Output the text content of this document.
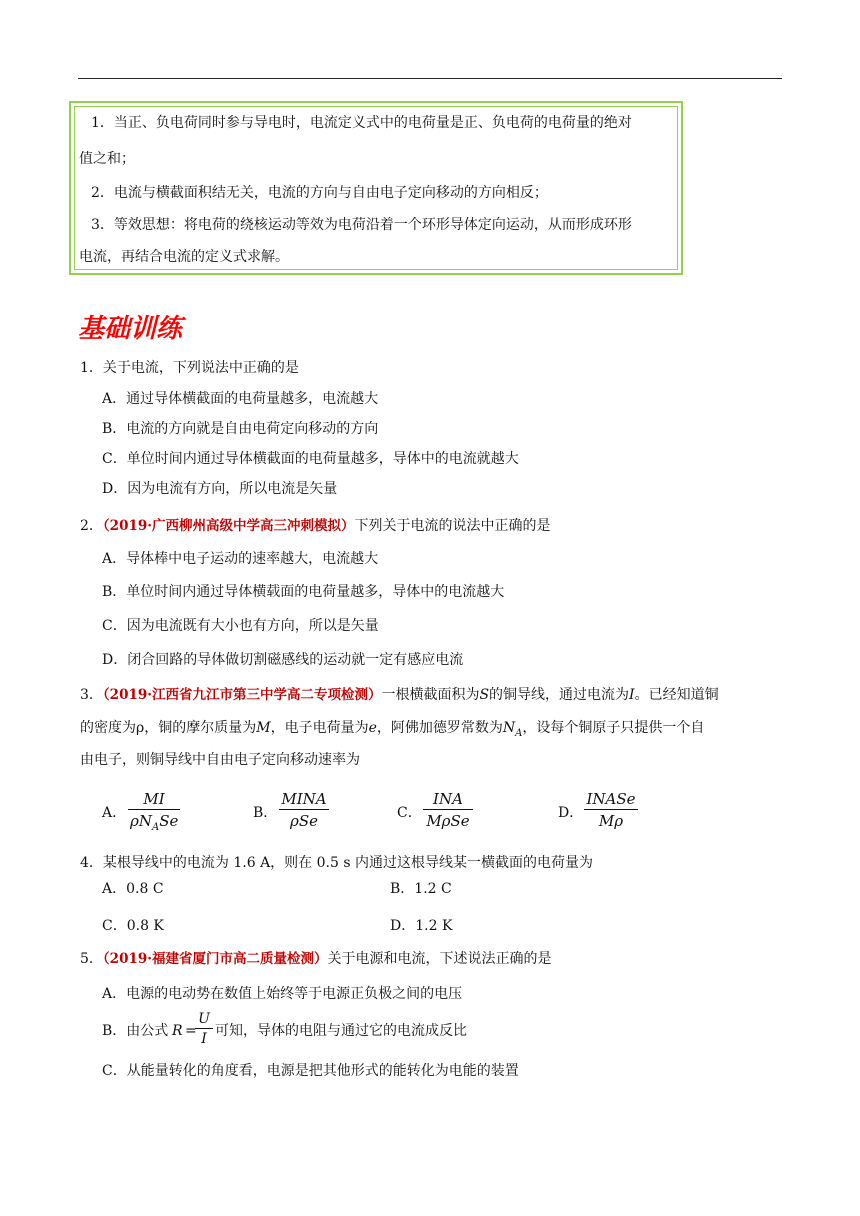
1．当正、负电荷同时参与导电时，电流定义式中的电荷量是正、负电荷的电荷量的绝对
值之和；
2．电流与横截面积结无关，电流的方向与自由电子定向移动的方向相反；
3．等效思想：将电荷的绕核运动等效为电荷沿着一个环形导体定向运动，从而形成环形
电流，再结合电流的定义式求解。
基础训练
1．关于电流，下列说法中正确的是
A．通过导体横截面的电荷量越多，电流越大
B．电流的方向就是自由电荷定向移动的方向
C．单位时间内通过导体横截面的电荷量越多，导体中的电流就越大
D．因为电流有方向，所以电流是矢量
2．（2019·广西柳州高级中学高三冲刺模拟）下列关于电流的说法中正确的是
A．导体棒中电子运动的速率越大，电流越大
B．单位时间内通过导体横载面的电荷量越多，导体中的电流越大
C．因为电流既有大小也有方向，所以是矢量
D．闭合回路的导体做切割磁感线的运动就一定有感应电流
3．（2019·江西省九江市第三中学高二专项检测）一根横截面积为S的铜导线，通过电流为I。已经知道铜
的密度为ρ，铜的摩尔质量为M，电子电荷量为e，阿佛加德罗常数为$N_A$，设每个铜原子只提供一个自
由电子，则铜导线中自由电子定向移动速率为
A．
MI
$\rho N_ASe$	B．
MINA
ρSe	C．
INA
MρSe	D．
INASe
Mρ
4．某根导线中的电流为 1.6 A，则在 0.5 s 内通过这根导线某一横截面的电荷量为
A．0.8 C	B．1.2 C
C．0.8 K	D．1.2 K
5．（2019·福建省厦门市高二质量检测）关于电源和电流，下述说法正确的是
A．电源的电动势在数值上始终等于电源正负极之间的电压
B．由公式 R =
$\frac{U}{I}$ 可知，导体的电阻与通过它的电流成反比
C．从能量转化的角度看，电源是把其他形式的能转化为电能的装置
